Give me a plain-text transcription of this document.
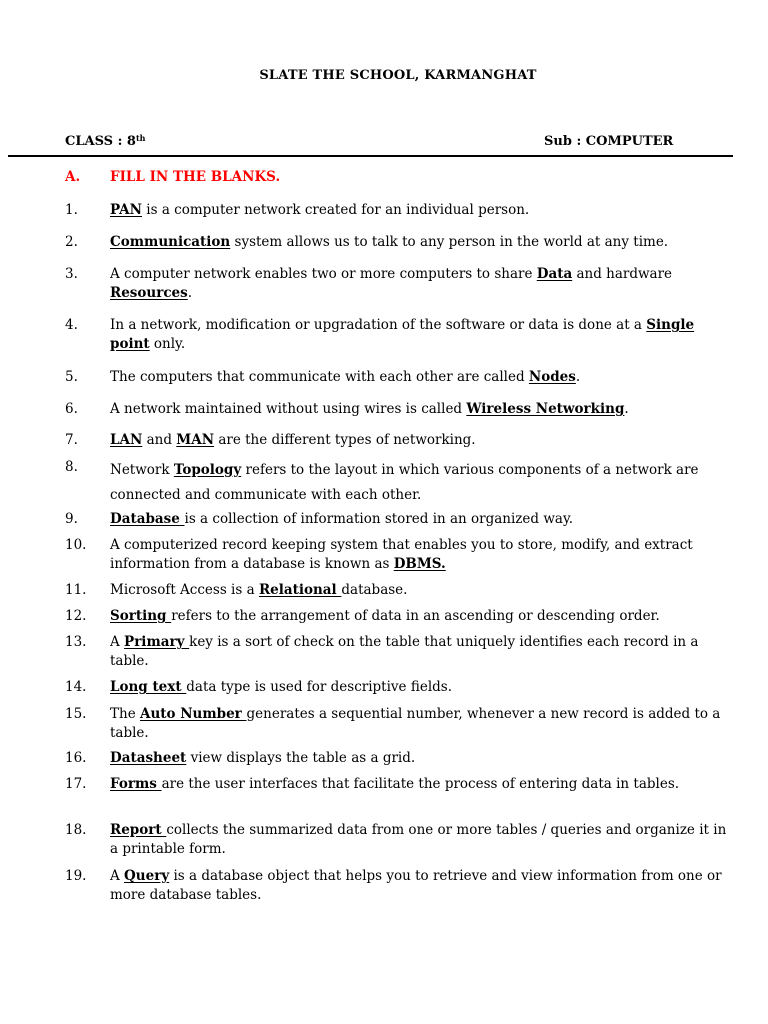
SLATE THE SCHOOL, KARMANGHAT
CLASS : 8th	Sub : COMPUTER
A. FILL IN THE BLANKS.
1.	PAN is a computer network created for an individual person.
2.	Communication system allows us to talk to any person in the world at any time.
3.	A computer network enables two or more computers to share Data and hardware Resources.
4.	In a network, modification or upgradation of the software or data is done at a Single point only.
5.	The computers that communicate with each other are called Nodes.
6.	A network maintained without using wires is called Wireless Networking.
7.	LAN and MAN are the different types of networking.
8.	Network Topology refers to the layout in which various components of a network are connected and communicate with each other.
9.	Database is a collection of information stored in an organized way.
10.	A computerized record keeping system that enables you to store, modify, and extract information from a database is known as DBMS.
11.	Microsoft Access is a Relational database.
12.	Sorting refers to the arrangement of data in an ascending or descending order.
13.	A Primary key is a sort of check on the table that uniquely identifies each record in a table.
14.	Long text data type is used for descriptive fields.
15.	The Auto Number generates a sequential number, whenever a new record is added to a table.
16.	Datasheet view displays the table as a grid.
17.	Forms are the user interfaces that facilitate the process of entering data in tables.
18.	Report collects the summarized data from one or more tables / queries and organize it in a printable form.
19.	A Query is a database object that helps you to retrieve and view information from one or more database tables.
